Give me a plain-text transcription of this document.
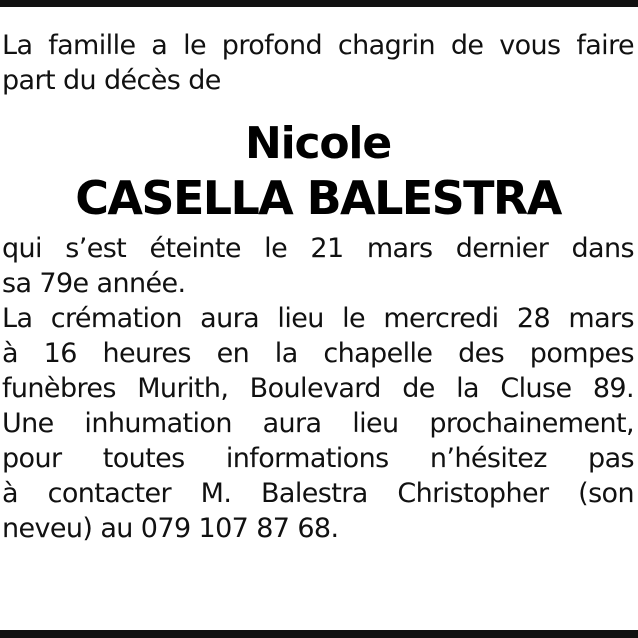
La famille a le profond chagrin de vous faire
part du décès de
Nicole
CASELLA BALESTRA
qui s’est éteinte le 21 mars dernier dans
sa 79e année.
La crémation aura lieu le mercredi 28 mars
à 16 heures en la chapelle des pompes
funèbres Murith, Boulevard de la Cluse 89.
Une inhumation aura lieu prochainement,
pour toutes informations n’hésitez pas
à contacter M. Balestra Christopher (son
neveu) au 079 107 87 68.
